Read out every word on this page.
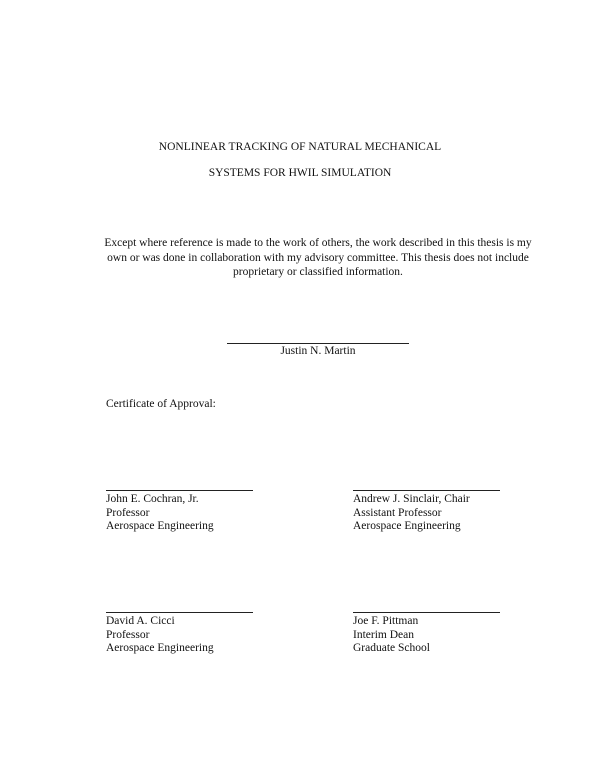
NONLINEAR TRACKING OF NATURAL MECHANICAL
SYSTEMS FOR HWIL SIMULATION
Except where reference is made to the work of others, the work described in this thesis is my own or was done in collaboration with my advisory committee. This thesis does not include proprietary or classified information.
Justin N. Martin
Certificate of Approval:
John E. Cochran, Jr.
Professor
Aerospace Engineering
Andrew J. Sinclair, Chair
Assistant Professor
Aerospace Engineering
David A. Cicci
Professor
Aerospace Engineering
Joe F. Pittman
Interim Dean
Graduate School
